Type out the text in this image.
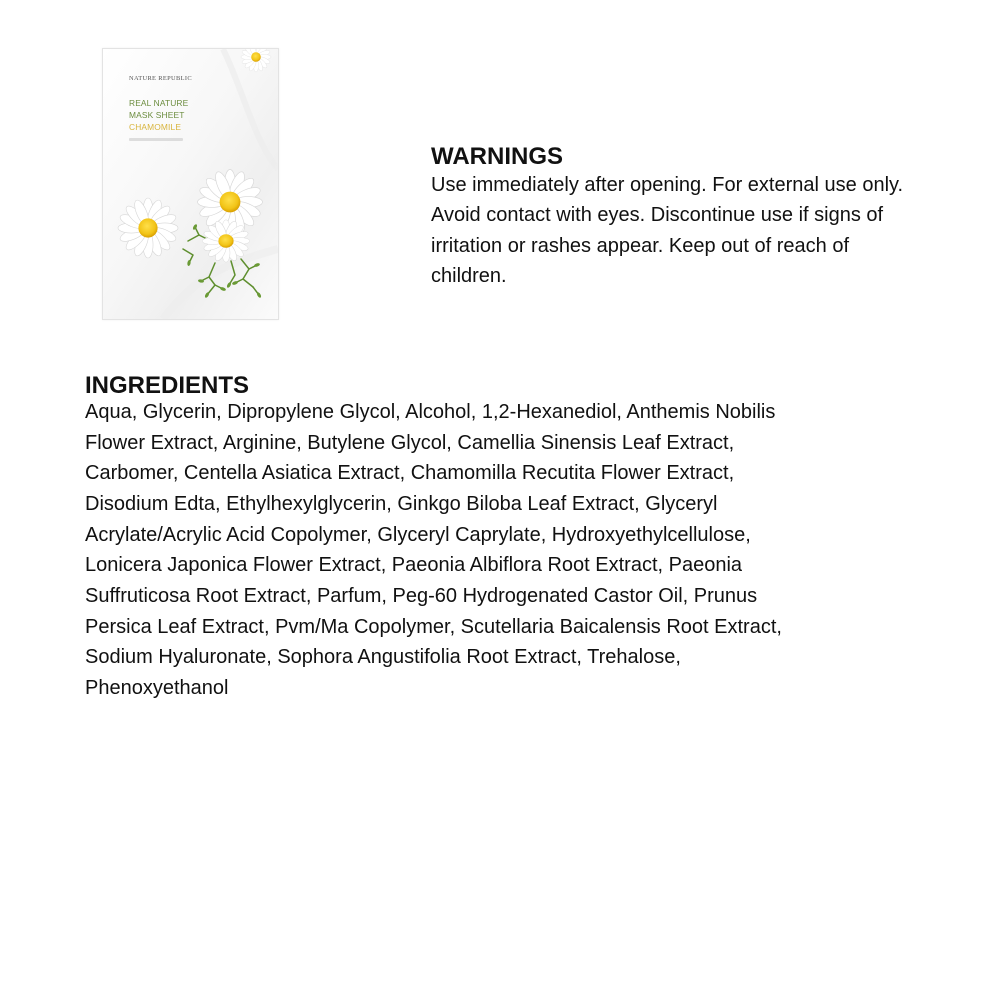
NATURE REPUBLIC
REAL NATURE
MASK SHEET
CHAMOMILE
WARNINGS
Use immediately after opening. For external use only.
Avoid contact with eyes. Discontinue use if signs of
irritation or rashes appear. Keep out of reach of
children.
INGREDIENTS
Aqua, Glycerin, Dipropylene Glycol, Alcohol, 1,2-Hexanediol, Anthemis Nobilis
Flower Extract, Arginine, Butylene Glycol, Camellia Sinensis Leaf Extract,
Carbomer, Centella Asiatica Extract, Chamomilla Recutita Flower Extract,
Disodium Edta, Ethylhexylglycerin, Ginkgo Biloba Leaf Extract, Glyceryl
Acrylate/Acrylic Acid Copolymer, Glyceryl Caprylate, Hydroxyethylcellulose,
Lonicera Japonica Flower Extract, Paeonia Albiflora Root Extract, Paeonia
Suffruticosa Root Extract, Parfum, Peg-60 Hydrogenated Castor Oil, Prunus
Persica Leaf Extract, Pvm/Ma Copolymer, Scutellaria Baicalensis Root Extract,
Sodium Hyaluronate, Sophora Angustifolia Root Extract, Trehalose,
Phenoxyethanol
